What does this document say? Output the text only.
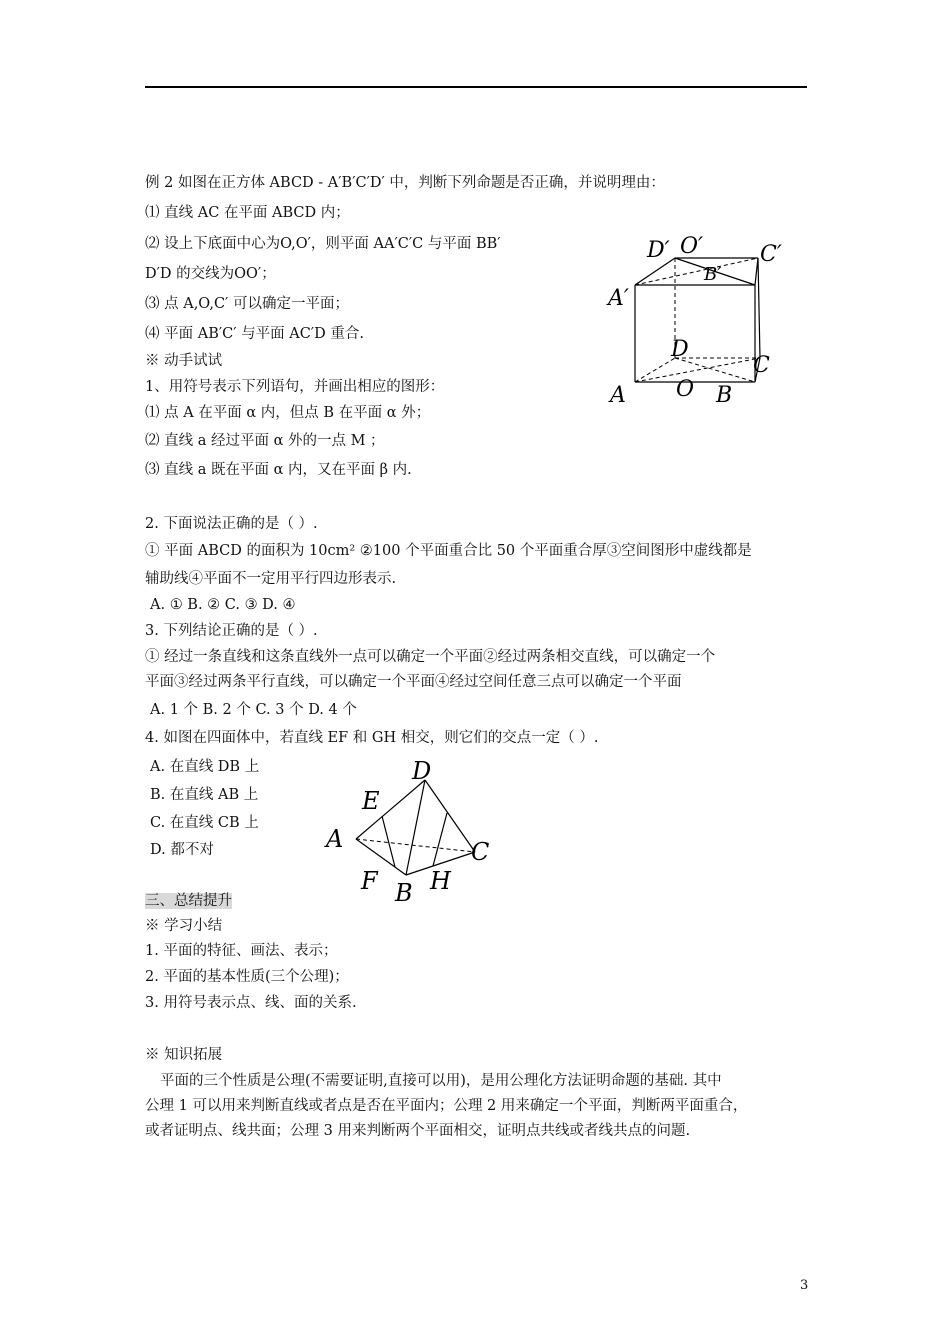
例 2 如图在正方体 ABCD - A′B′C′D′ 中，判断下列命题是否正确，并说明理由：
⑴ 直线 AC 在平面 ABCD 内；
⑵ 设上下底面中心为O,O′，则平面 AA′C′C 与平面 BB′
D′D 的交线为OO′；
⑶ 点 A,O,C′ 可以确定一平面；
⑷ 平面 AB′C′ 与平面 AC′D 重合.
※ 动手试试
1、用符号表示下列语句，并画出相应的图形：
⑴ 点 A 在平面 α 内，但点 B 在平面 α 外；
⑵ 直线 a 经过平面 α 外的一点 M ；
⑶ 直线 a 既在平面 α 内，又在平面 β 内.
D′ O′	C′
B′
A′
D
C
A O B
2. 下面说法正确的是（ ）.
① 平面 ABCD 的面积为 10cm² ②100 个平面重合比 50 个平面重合厚③空间图形中虚线都是
辅助线④平面不一定用平行四边形表示.
A. ① B. ② C. ③ D. ④
3. 下列结论正确的是（ ）.
① 经过一条直线和这条直线外一点可以确定一个平面②经过两条相交直线，可以确定一个
平面③经过两条平行直线，可以确定一个平面④经过空间任意三点可以确定一个平面
A. 1 个 B. 2 个 C. 3 个 D. 4 个
4. 如图在四面体中，若直线 EF 和 GH 相交，则它们的交点一定（ ）.
A. 在直线 DB 上
B. 在直线 AB 上
C. 在直线 CB 上
D. 都不对
D
E
A	C
F B H
三、总结提升
※ 学习小结
1. 平面的特征、画法、表示；
2. 平面的基本性质(三个公理)；
3. 用符号表示点、线、面的关系.
※ 知识拓展
平面的三个性质是公理(不需要证明,直接可以用)，是用公理化方法证明命题的基础. 其中
公理 1 可以用来判断直线或者点是否在平面内；公理 2 用来确定一个平面，判断两平面重合，
或者证明点、线共面；公理 3 用来判断两个平面相交，证明点共线或者线共点的问题.
3
